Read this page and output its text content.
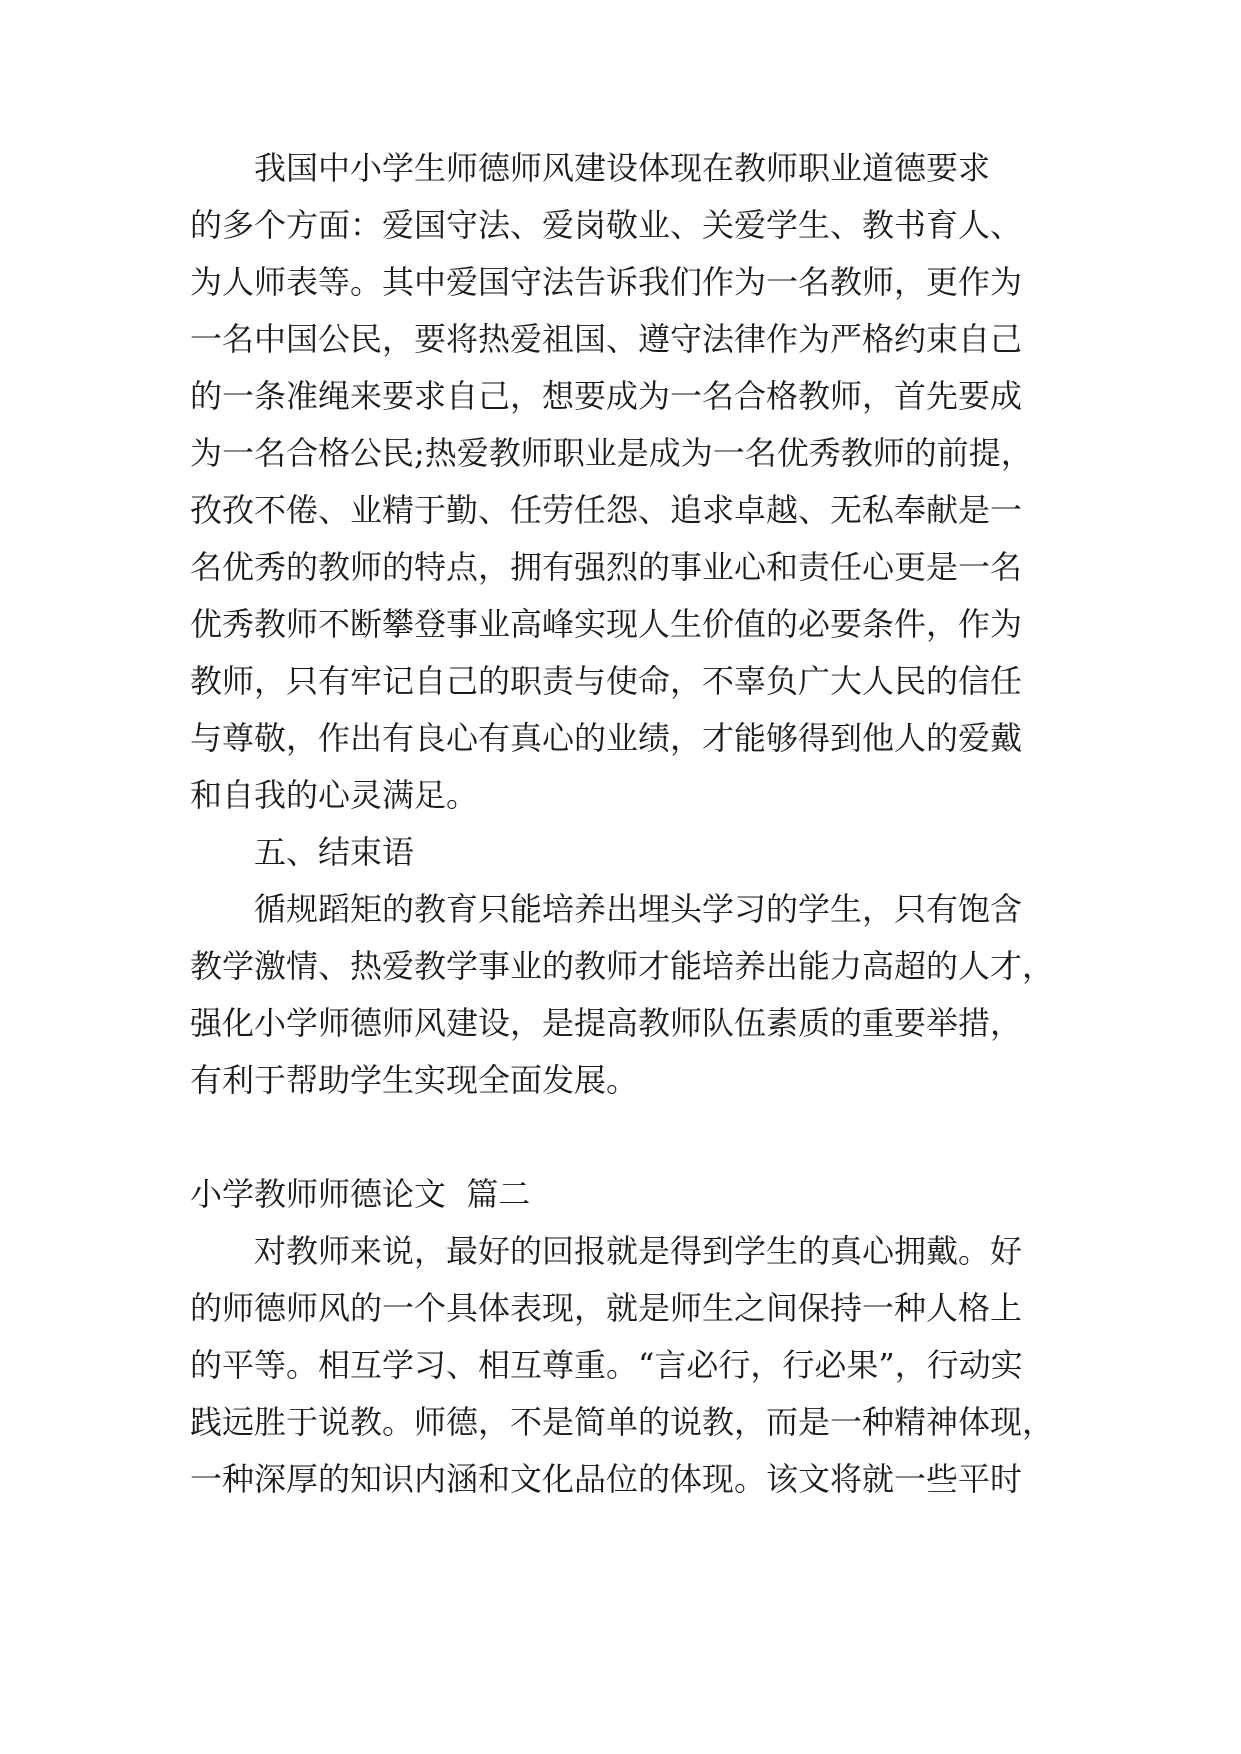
我国中小学生师德师风建设体现在教师职业道德要求
的多个方面：爱国守法、爱岗敬业、关爱学生、教书育人、
为人师表等。其中爱国守法告诉我们作为一名教师，更作为
一名中国公民，要将热爱祖国、遵守法律作为严格约束自己
的一条准绳来要求自己，想要成为一名合格教师，首先要成
为一名合格公民;热爱教师职业是成为一名优秀教师的前提，
孜孜不倦、业精于勤、任劳任怨、追求卓越、无私奉献是一
名优秀的教师的特点，拥有强烈的事业心和责任心更是一名
优秀教师不断攀登事业高峰实现人生价值的必要条件，作为
教师，只有牢记自己的职责与使命，不辜负广大人民的信任
与尊敬，作出有良心有真心的业绩，才能够得到他人的爱戴
和自我的心灵满足。
五、结束语
循规蹈矩的教育只能培养出埋头学习的学生，只有饱含
教学激情、热爱教学事业的教师才能培养出能力高超的人才，
强化小学师德师风建设，是提高教师队伍素质的重要举措，
有利于帮助学生实现全面发展。
小学教师师德论文  篇二
对教师来说，最好的回报就是得到学生的真心拥戴。好
的师德师风的一个具体表现，就是师生之间保持一种人格上
的平等。相互学习、相互尊重。“言必行，行必果”，行动实
践远胜于说教。师德，不是简单的说教，而是一种精神体现，
一种深厚的知识内涵和文化品位的体现。该文将就一些平时
